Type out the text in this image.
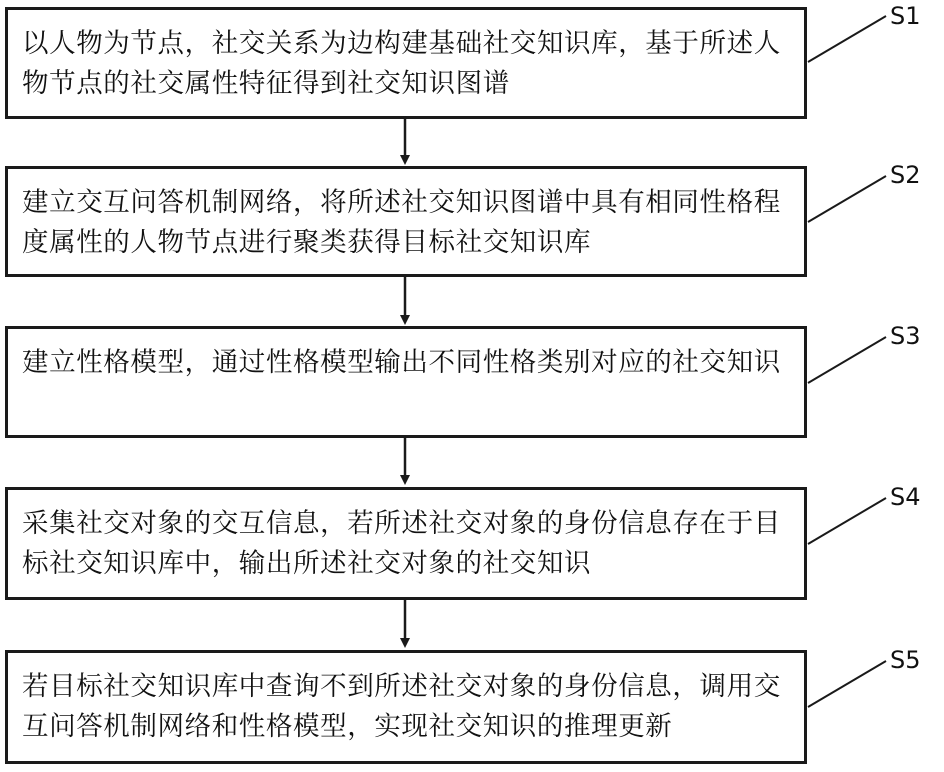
以人物为节点，社交关系为边构建基础社交知识库，基于所述人物节点的社交属性特征得到社交知识图谱
建立交互问答机制网络，将所述社交知识图谱中具有相同性格程度属性的人物节点进行聚类获得目标社交知识库
建立性格模型，通过性格模型输出不同性格类别对应的社交知识
采集社交对象的交互信息，若所述社交对象的身份信息存在于目标社交知识库中，输出所述社交对象的社交知识
若目标社交知识库中查询不到所述社交对象的身份信息，调用交互问答机制网络和性格模型，实现社交知识的推理更新
S1
S2
S3
S4
S5
